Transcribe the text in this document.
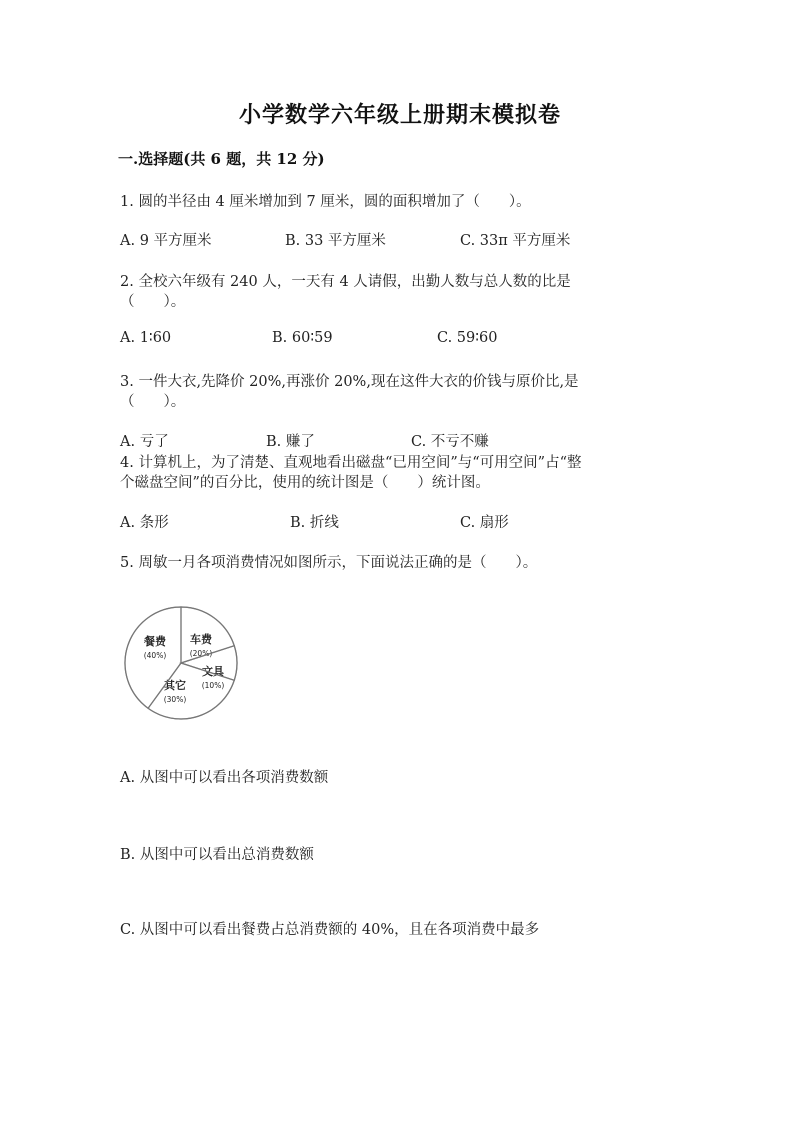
小学数学六年级上册期末模拟卷
一.选择题(共 6 题，共 12 分)
1. 圆的半径由 4 厘米增加到 7 厘米，圆的面积增加了（　　）。
A. 9 平方厘米	B. 33 平方厘米	C. 33π 平方厘米
2. 全校六年级有 240 人，一天有 4 人请假，出勤人数与总人数的比是
（　　）。
A. 1∶60	B. 60∶59	C. 59∶60
3. 一件大衣,先降价 20%,再涨价 20%,现在这件大衣的价钱与原价比,是
（　　）。
A. 亏了	B. 赚了	C. 不亏不赚
4. 计算机上，为了清楚、直观地看出磁盘“已用空间”与“可用空间”占“整
个磁盘空间”的百分比，使用的统计图是（　　）统计图。
A. 条形	B. 折线	C. 扇形
5. 周敏一月各项消费情况如图所示，下面说法正确的是（　　）。
车费
(20%)
文具
(10%)
其它
(30%)
餐费
(40%)
A. 从图中可以看出各项消费数额
B. 从图中可以看出总消费数额
C. 从图中可以看出餐费占总消费额的 40%，且在各项消费中最多
